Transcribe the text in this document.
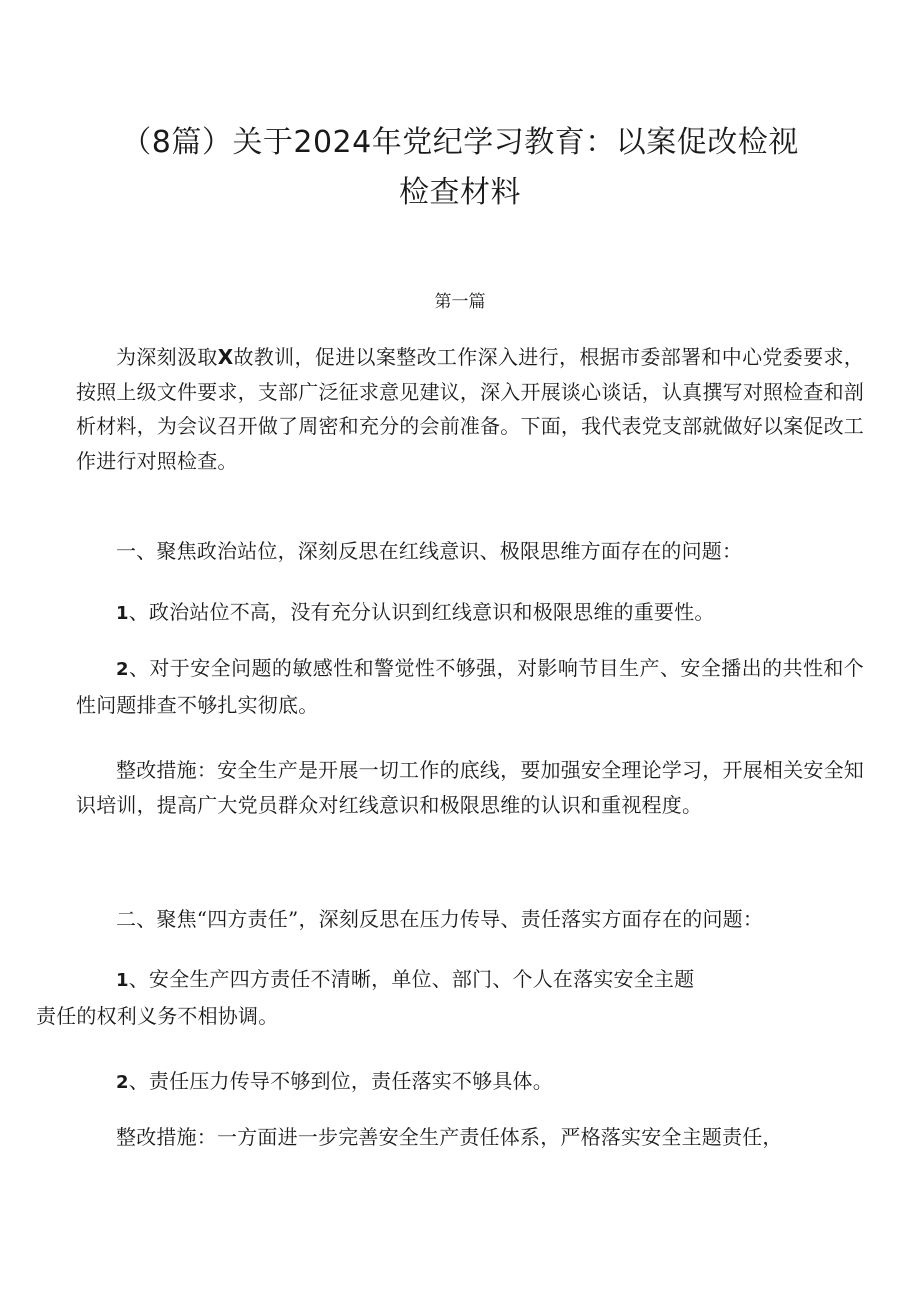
（8篇）关于2024年党纪学习教育：以案促改检视
检查材料

第一篇

为深刻汲取X故教训，促进以案整改工作深入进行，根据市委部署和中心党委要求，按照上级文件要求，支部广泛征求意见建议，深入开展谈心谈话，认真撰写对照检查和剖析材料，为会议召开做了周密和充分的会前准备。下面，我代表党支部就做好以案促改工作进行对照检查。

一、聚焦政治站位，深刻反思在红线意识、极限思维方面存在的问题：

1、政治站位不高，没有充分认识到红线意识和极限思维的重要性。

2、对于安全问题的敏感性和警觉性不够强，对影响节目生产、安全播出的共性和个性问题排查不够扎实彻底。

整改措施：安全生产是开展一切工作的底线，要加强安全理论学习，开展相关安全知识培训，提高广大党员群众对红线意识和极限思维的认识和重视程度。

二、聚焦“四方责任”，深刻反思在压力传导、责任落实方面存在的问题：

1、安全生产四方责任不清晰，单位、部门、个人在落实安全主题
责任的权利义务不相协调。

2、责任压力传导不够到位，责任落实不够具体。

整改措施：一方面进一步完善安全生产责任体系，严格落实安全主题责任，
